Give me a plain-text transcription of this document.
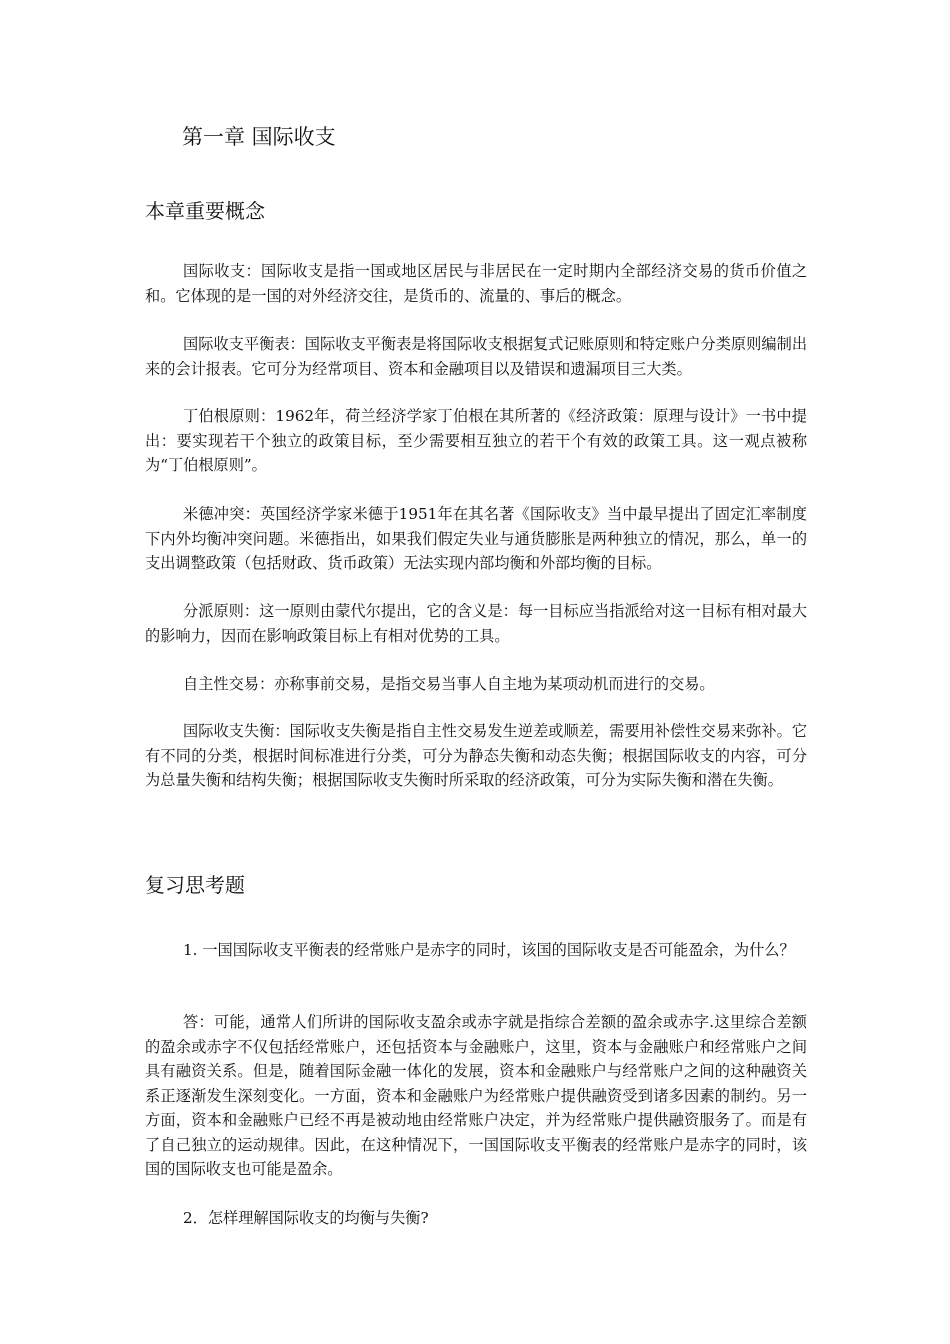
第一章 国际收支
本章重要概念

国际收支：国际收支是指一国或地区居民与非居民在一定时期内全部经济交易的货币价值之和。它体现的是一国的对外经济交往，是货币的、流量的、事后的概念。

国际收支平衡表：国际收支平衡表是将国际收支根据复式记账原则和特定账户分类原则编制出来的会计报表。它可分为经常项目、资本和金融项目以及错误和遗漏项目三大类。

丁伯根原则：1962年，荷兰经济学家丁伯根在其所著的《经济政策：原理与设计》一书中提出：要实现若干个独立的政策目标，至少需要相互独立的若干个有效的政策工具。这一观点被称为“丁伯根原则”。

米德冲突：英国经济学家米德于1951年在其名著《国际收支》当中最早提出了固定汇率制度下内外均衡冲突问题。米德指出，如果我们假定失业与通货膨胀是两种独立的情况，那么，单一的支出调整政策（包括财政、货币政策）无法实现内部均衡和外部均衡的目标。

分派原则：这一原则由蒙代尔提出，它的含义是：每一目标应当指派给对这一目标有相对最大的影响力，因而在影响政策目标上有相对优势的工具。

自主性交易：亦称事前交易，是指交易当事人自主地为某项动机而进行的交易。

国际收支失衡：国际收支失衡是指自主性交易发生逆差或顺差，需要用补偿性交易来弥补。它有不同的分类，根据时间标准进行分类，可分为静态失衡和动态失衡；根据国际收支的内容，可分为总量失衡和结构失衡；根据国际收支失衡时所采取的经济政策，可分为实际失衡和潜在失衡。

复习思考题

1. 一国国际收支平衡表的经常账户是赤字的同时，该国的国际收支是否可能盈余，为什么？

答：可能，通常人们所讲的国际收支盈余或赤字就是指综合差额的盈余或赤字.这里综合差额的盈余或赤字不仅包括经常账户，还包括资本与金融账户，这里，资本与金融账户和经常账户之间具有融资关系。但是，随着国际金融一体化的发展，资本和金融账户与经常账户之间的这种融资关系正逐渐发生深刻变化。一方面，资本和金融账户为经常账户提供融资受到诸多因素的制约。另一方面，资本和金融账户已经不再是被动地由经常账户决定，并为经常账户提供融资服务了。而是有了自己独立的运动规律。因此，在这种情况下，一国国际收支平衡表的经常账户是赤字的同时，该国的国际收支也可能是盈余。

2．怎样理解国际收支的均衡与失衡?
